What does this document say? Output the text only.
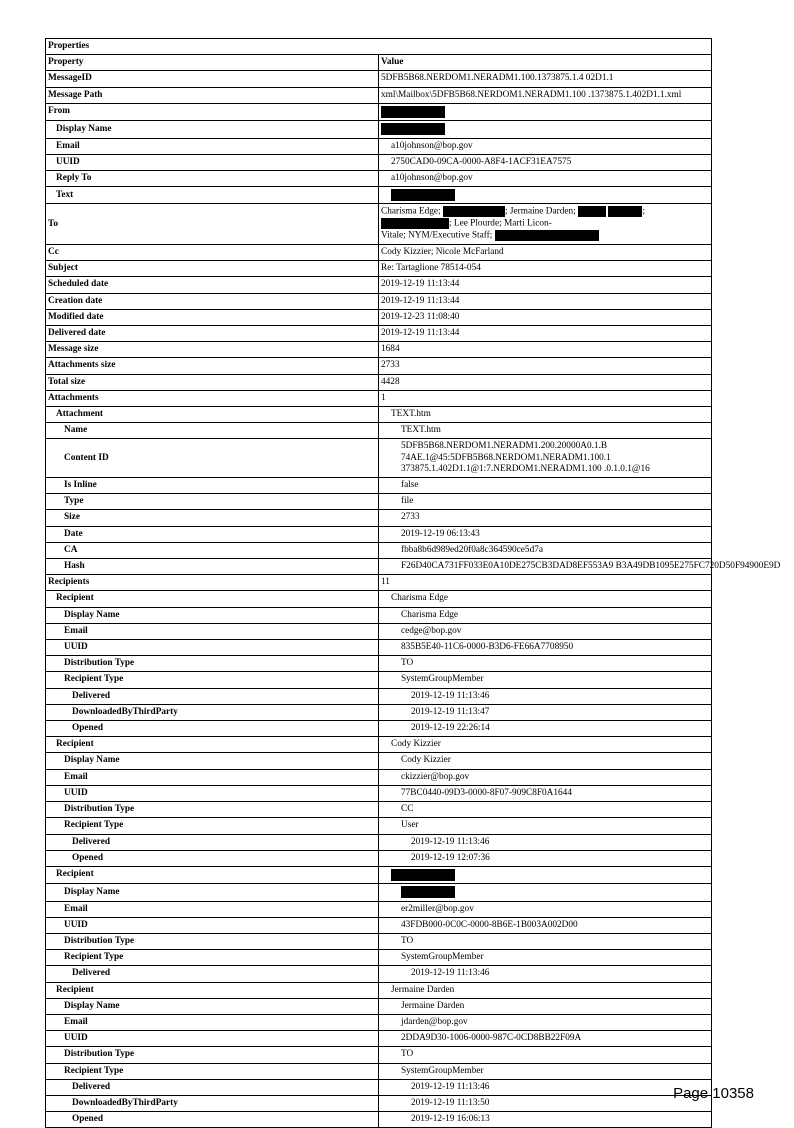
Properties	
Property	Value
MessageID	5DFB5B68.NERDOM1.NERADM1.100.1373875.1.4 02D1.1
Message Path	xml\Mailbox\5DFB5B68.NERDOM1.NERADM1.100 .1373875.1.402D1.1.xml
From	
Display Name	
Email	a10johnson@bop.gov
UUID	2750CAD0-09CA-0000-A8F4-1ACF31EA7575
Reply To	a10johnson@bop.gov
Text	
To	Charisma Edge; ; Jermaine Darden; ; ; Lee Plourde; Marti Licon-
Vitale; NYM/Executive Staff;

Cc	Cody Kizzier; Nicole McFarland
Subject	Re: Tartaglione 78514-054
Scheduled date	2019-12-19 11:13:44
Creation date	2019-12-19 11:13:44
Modified date	2019-12-23 11:08:40
Delivered date	2019-12-19 11:13:44
Message size	1684
Attachments size	2733
Total size	4428
Attachments	1
Attachment	TEXT.htm
Name	TEXT.htm
Content ID	5DFB5B68.NERDOM1.NERADM1.200.20000A0.1.B
74AE.1@45:5DFB5B68.NERDOM1.NERADM1.100.1
373875.1.402D1.1@1:7.NERDOM1.NERADM1.100 .0.1.0.1@16

Is Inline	false
Type	file
Size	2733
Date	2019-12-19 06:13:43
CA	fbba8b6d989ed20f0a8c364590ce5d7a
Hash	F26D40CA731FF033E0A10DE275CB3DAD8EF553A9 B3A49DB1095E275FC720D50F94900E9D
Recipients	11
Recipient	Charisma Edge
Display Name	Charisma Edge
Email	cedge@bop.gov
UUID	835B5E40-11C6-0000-B3D6-FE66A7708950
Distribution Type	TO
Recipient Type	SystemGroupMember
Delivered	2019-12-19 11:13:46
DownloadedByThirdParty	2019-12-19 11:13:47
Opened	2019-12-19 22:26:14
Recipient	Cody Kizzier
Display Name	Cody Kizzier
Email	ckizzier@bop.gov
UUID	77BC0440-09D3-0000-8F07-909C8F0A1644
Distribution Type	CC
Recipient Type	User
Delivered	2019-12-19 11:13:46
Opened	2019-12-19 12:07:36
Recipient	
Display Name	
Email	er2miller@bop.gov
UUID	43FDB000-0C0C-0000-8B6E-1B003A002D00
Distribution Type	TO
Recipient Type	SystemGroupMember
Delivered	2019-12-19 11:13:46
Recipient	Jermaine Darden
Display Name	Jermaine Darden
Email	jdarden@bop.gov
UUID	2DDA9D30-1006-0000-987C-0CD8BB22F09A
Distribution Type	TO
Recipient Type	SystemGroupMember
Delivered	2019-12-19 11:13:46
DownloadedByThirdParty	2019-12-19 11:13:50
Opened	2019-12-19 16:06:13
Page 10358
